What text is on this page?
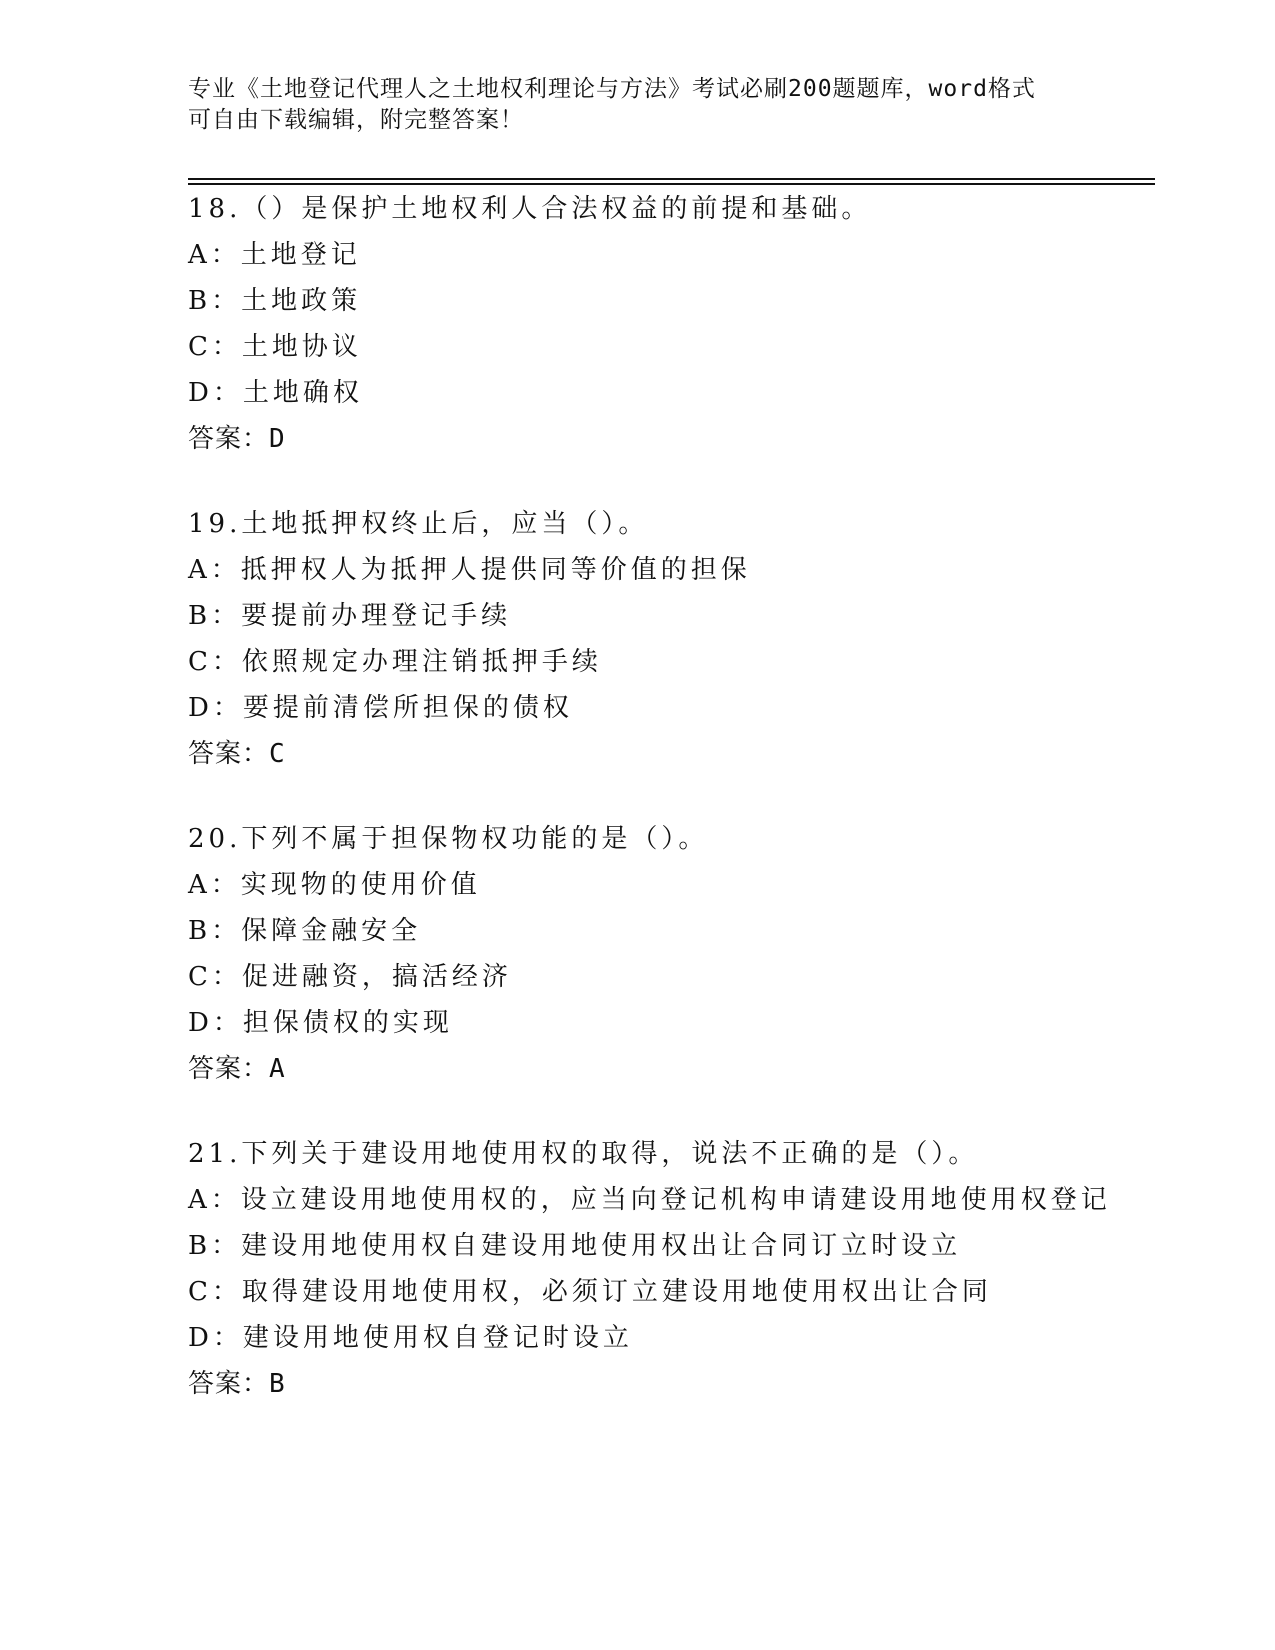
专业《土地登记代理人之土地权利理论与方法》考试必刷200题题库，word格式
可自由下载编辑，附完整答案！
18.（）是保护土地权利人合法权益的前提和基础。
A：土地登记
B：土地政策
C：土地协议
D：土地确权
答案：D
19.土地抵押权终止后，应当（）。
A：抵押权人为抵押人提供同等价值的担保
B：要提前办理登记手续
C：依照规定办理注销抵押手续
D：要提前清偿所担保的债权
答案：C
20.下列不属于担保物权功能的是（）。
A：实现物的使用价值
B：保障金融安全
C：促进融资，搞活经济
D：担保债权的实现
答案：A
21.下列关于建设用地使用权的取得，说法不正确的是（）。
A：设立建设用地使用权的，应当向登记机构申请建设用地使用权登记
B：建设用地使用权自建设用地使用权出让合同订立时设立
C：取得建设用地使用权，必须订立建设用地使用权出让合同
D：建设用地使用权自登记时设立
答案：B
